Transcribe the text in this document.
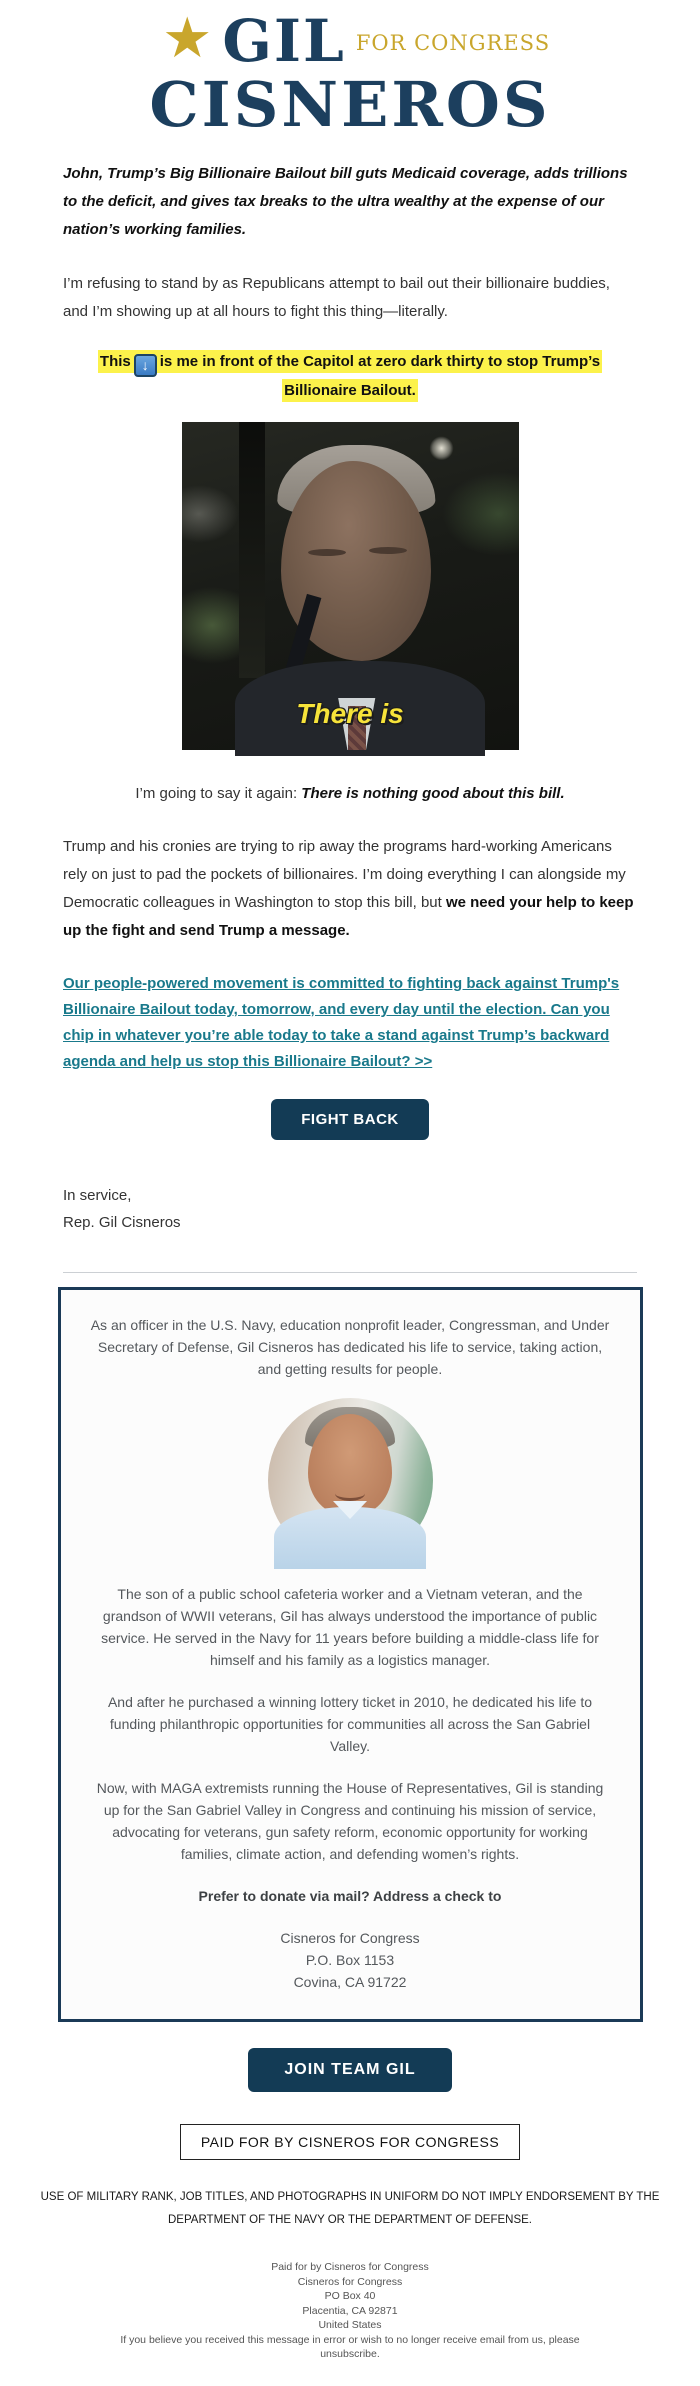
★ GIL FOR CONGRESS
CISNEROS

John, Trump’s Big Billionaire Bailout bill guts Medicaid coverage, adds trillions to the deficit, and gives tax breaks to the ultra wealthy at the expense of our nation’s working families.

I’m refusing to stand by as Republicans attempt to bail out their billionaire buddies, and I’m showing up at all hours to fight this thing—literally.

This ↓ is me in front of the Capitol at zero dark thirty to stop Trump’s Billionaire Bailout.
There is

I’m going to say it again: There is nothing good about this bill.

Trump and his cronies are trying to rip away the programs hard-working Americans rely on just to pad the pockets of billionaires. I’m doing everything I can alongside my Democratic colleagues in Washington to stop this bill, but we need your help to keep up the fight and send Trump a message.

Our people-powered movement is committed to fighting back against Trump's Billionaire Bailout today, tomorrow, and every day until the election. Can you chip in whatever you’re able today to take a stand against Trump’s backward agenda and help us stop this Billionaire Bailout? >>
FIGHT BACK
In service,
Rep. Gil Cisneros

As an officer in the U.S. Navy, education nonprofit leader, Congressman, and Under Secretary of Defense, Gil Cisneros has dedicated his life to service, taking action, and getting results for people.

The son of a public school cafeteria worker and a Vietnam veteran, and the grandson of WWII veterans, Gil has always understood the importance of public service. He served in the Navy for 11 years before building a middle-class life for himself and his family as a logistics manager.

And after he purchased a winning lottery ticket in 2010, he dedicated his life to funding philanthropic opportunities for communities all across the San Gabriel Valley.

Now, with MAGA extremists running the House of Representatives, Gil is standing up for the San Gabriel Valley in Congress and continuing his mission of service, advocating for veterans, gun safety reform, economic opportunity for working families, climate action, and defending women’s rights.

Prefer to donate via mail? Address a check to

Cisneros for Congress
P.O. Box 1153
Covina, CA 91722

JOIN TEAM GIL
PAID FOR BY CISNEROS FOR CONGRESS
USE OF MILITARY RANK, JOB TITLES, AND PHOTOGRAPHS IN UNIFORM DO NOT IMPLY ENDORSEMENT BY THE DEPARTMENT OF THE NAVY OR THE DEPARTMENT OF DEFENSE.
Paid for by Cisneros for Congress
Cisneros for Congress
PO Box 40
Placentia, CA 92871
United States
If you believe you received this message in error or wish to no longer receive email from us, please
unsubscribe.
